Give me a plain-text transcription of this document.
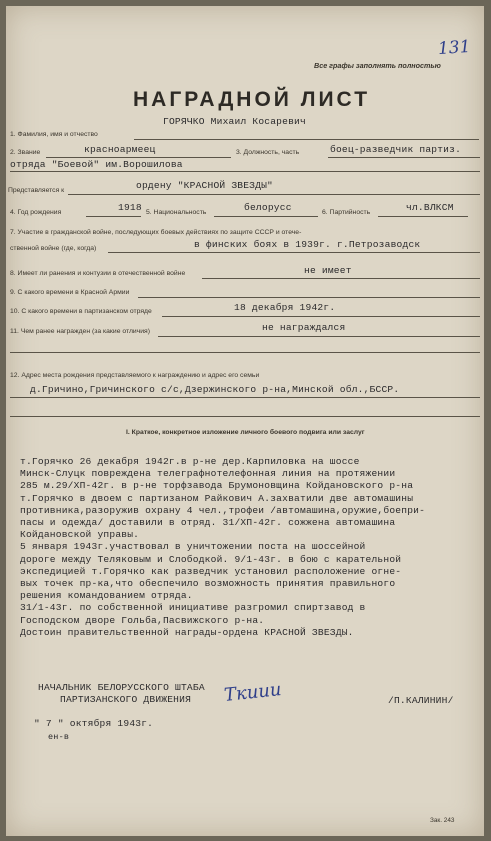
131
Все графы заполнять полностью
НАГРАДНОЙ ЛИСТ
ГОРЯЧКО Михаил Косаревич
1. Фамилия, имя и отчество
2. Звание	красноармеец	3. Должность, часть	боец-разведчик партиз.
отряда "Боевой" им.Ворошилова
Представляется к	ордену "КРАСНОЙ ЗВЕЗДЫ"
4. Год рождения	1918 5. Национальность	белорусс	6. Партийность	чл.ВЛКСМ
7. Участие в гражданской войне, последующих боевых действиях по защите СССР и отече-
ственной войне (где, когда)	в финских боях в 1939г. г.Петрозаводск
8. Имеет ли ранения и контузии в отечественной войне	не имеет
9. С какого времени в Красной Армии
10. С какого времени в партизанском отряде	18 декабря 1942г.
11. Чем ранее награжден (за какие отличия)	не награждался
12. Адрес места рождения представляемого к награждению и адрес его семьи
д.Гричино,Гричинского с/с,Дзержинского р-на,Минской обл.,БССР.
I. Краткое, конкретное изложение личного боевого подвига или заслуг
т.Горячко 26 декабря 1942г.в р-не дер.Карпиловка на шоссе
Минск-Слуцк повреждена телеграфнотелефонная линия на протяжении
285 м.29/ХП-42г. в р-не торфзавода Брумоновщина Койдановского р-на
т.Горячко в двоем с партизаном Райкович А.захватили две автомашины
противника,разоружив охрану 4 чел.,трофеи /автомашина,оружие,боепри-
пасы и одежда/ доставили в отряд. 31/ХП-42г. сожжена автомашина
Койдановской управы.
5 января 1943г.участвовал в уничтожении поста на шоссейной
дороге между Теляковым и Слободкой. 9/1-43г. в бою с карательной
экспедицией т.Горячко как разведчик установил расположение огне-
вых точек пр-ка,что обеспечило возможность принятия правильного
решения командованием отряда.
31/1-43г. по собственной инициативе разгромил спиртзавод в
Господском дворе Гольба,Пасвижского р-на.
Достоин правительственной награды-ордена КРАСНОЙ ЗВЕЗДЫ.
НАЧАЛЬНИК БЕЛОРУССКОГО ШТАБА
ПАРТИЗАНСКОГО ДВИЖЕНИЯ Ткиии	/П.КАЛИНИН/
" 7 " октября 1943г.
ен-в
Зак. 243
